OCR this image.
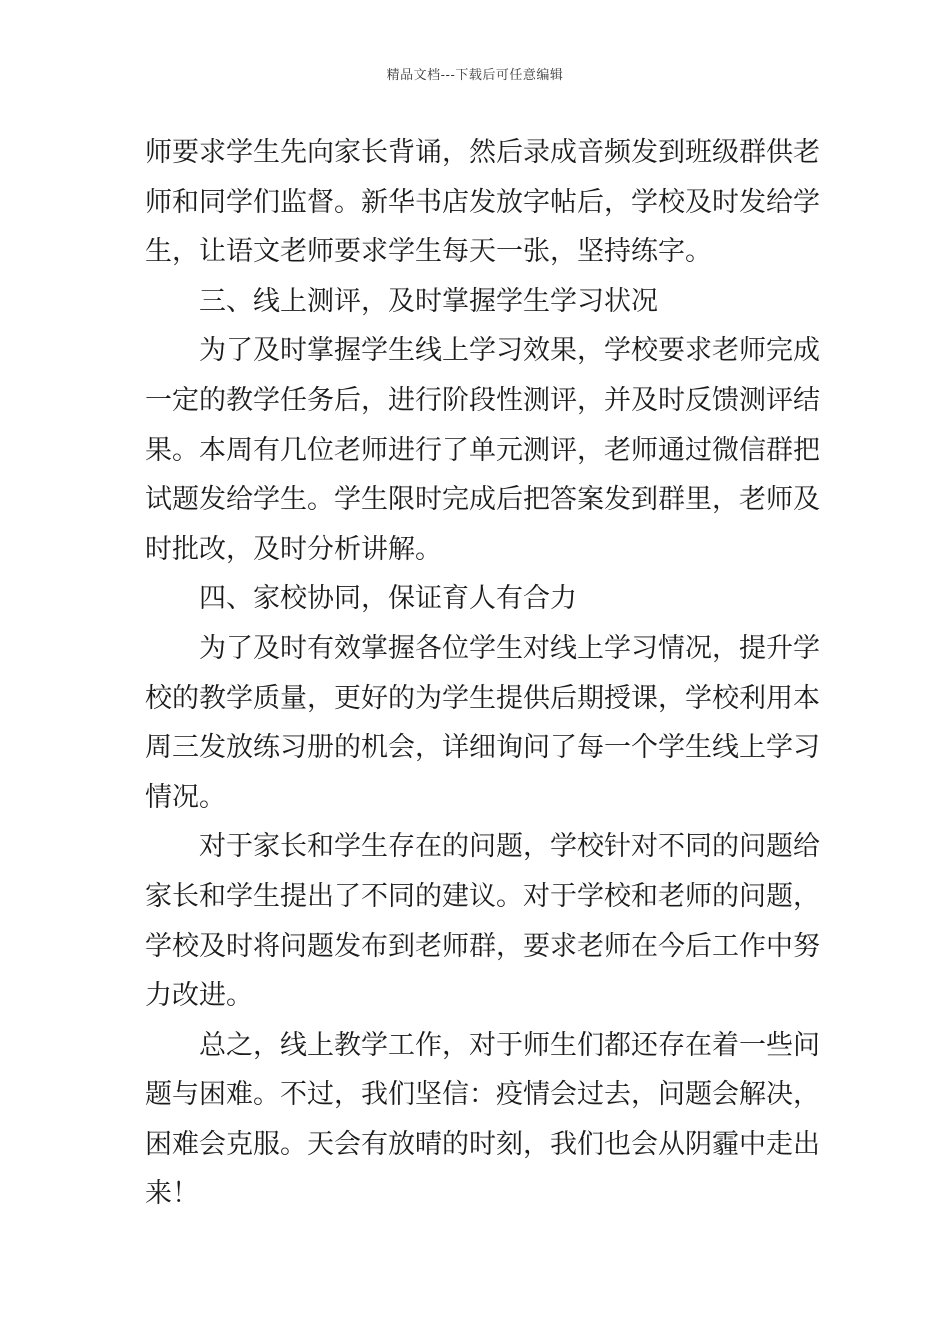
精品文档---下载后可任意编辑
师要求学生先向家长背诵，然后录成音频发到班级群供老
师和同学们监督。新华书店发放字帖后，学校及时发给学
生，让语文老师要求学生每天一张，坚持练字。
三、线上测评，及时掌握学生学习状况
为了及时掌握学生线上学习效果，学校要求老师完成
一定的教学任务后，进行阶段性测评，并及时反馈测评结
果。本周有几位老师进行了单元测评，老师通过微信群把
试题发给学生。学生限时完成后把答案发到群里，老师及
时批改，及时分析讲解。
四、家校协同，保证育人有合力
为了及时有效掌握各位学生对线上学习情况，提升学
校的教学质量，更好的为学生提供后期授课，学校利用本
周三发放练习册的机会，详细询问了每一个学生线上学习
情况。
对于家长和学生存在的问题，学校针对不同的问题给
家长和学生提出了不同的建议。对于学校和老师的问题，
学校及时将问题发布到老师群，要求老师在今后工作中努
力改进。
总之，线上教学工作，对于师生们都还存在着一些问
题与困难。不过，我们坚信：疫情会过去，问题会解决，
困难会克服。天会有放晴的时刻，我们也会从阴霾中走出
来！
